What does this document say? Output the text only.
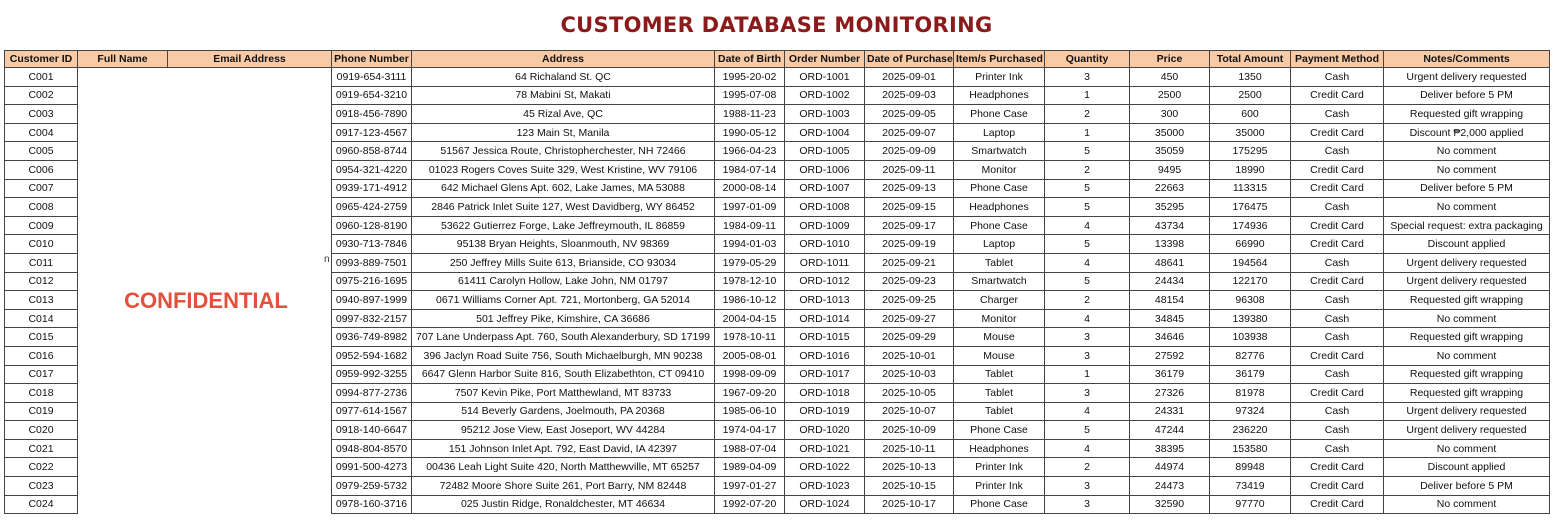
CUSTOMER DATABASE MONITORING
Customer ID	Full Name	Email Address	Phone Number	Address	Date of Birth	Order Number	Date of Purchase	Item/s Purchased	Quantity	Price	Total Amount	Payment Method	Notes/Comments
C001			0919-654-3111	64 Richaland St. QC	1995-20-02	ORD-1001	2025-09-01	Printer Ink	3	450	1350	Cash	Urgent delivery requested
C002			0919-654-3210	78 Mabini St, Makati	1995-07-08	ORD-1002	2025-09-03	Headphones	1	2500	2500	Credit Card	Deliver before 5 PM
C003			0918-456-7890	45 Rizal Ave, QC	1988-11-23	ORD-1003	2025-09-05	Phone Case	2	300	600	Cash	Requested gift wrapping
C004			0917-123-4567	123 Main St, Manila	1990-05-12	ORD-1004	2025-09-07	Laptop	1	35000	35000	Credit Card	Discount ₱2,000 applied
C005			0960-858-8744	51567 Jessica Route, Christopherchester, NH 72466	1966-04-23	ORD-1005	2025-09-09	Smartwatch	5	35059	175295	Cash	No comment
C006			0954-321-4220	01023 Rogers Coves Suite 329, West Kristine, WV 79106	1984-07-14	ORD-1006	2025-09-11	Monitor	2	9495	18990	Credit Card	No comment
C007			0939-171-4912	642 Michael Glens Apt. 602, Lake James, MA 53088	2000-08-14	ORD-1007	2025-09-13	Phone Case	5	22663	113315	Credit Card	Deliver before 5 PM
C008			0965-424-2759	2846 Patrick Inlet Suite 127, West Davidberg, WY 86452	1997-01-09	ORD-1008	2025-09-15	Headphones	5	35295	176475	Cash	No comment
C009			0960-128-8190	53622 Gutierrez Forge, Lake Jeffreymouth, IL 86859	1984-09-11	ORD-1009	2025-09-17	Phone Case	4	43734	174936	Credit Card	Special request: extra packaging
C010			0930-713-7846	95138 Bryan Heights, Sloanmouth, NV 98369	1994-01-03	ORD-1010	2025-09-19	Laptop	5	13398	66990	Credit Card	Discount applied
C011			0993-889-7501	250 Jeffrey Mills Suite 613, Brianside, CO 93034	1979-05-29	ORD-1011	2025-09-21	Tablet	4	48641	194564	Cash	Urgent delivery requested
C012			0975-216-1695	61411 Carolyn Hollow, Lake John, NM 01797	1978-12-10	ORD-1012	2025-09-23	Smartwatch	5	24434	122170	Credit Card	Urgent delivery requested
C013			0940-897-1999	0671 Williams Corner Apt. 721, Mortonberg, GA 52014	1986-10-12	ORD-1013	2025-09-25	Charger	2	48154	96308	Cash	Requested gift wrapping
C014			0997-832-2157	501 Jeffrey Pike, Kimshire, CA 36686	2004-04-15	ORD-1014	2025-09-27	Monitor	4	34845	139380	Cash	No comment
C015			0936-749-8982	707 Lane Underpass Apt. 760, South Alexanderbury, SD 17199	1978-10-11	ORD-1015	2025-09-29	Mouse	3	34646	103938	Cash	Requested gift wrapping
C016			0952-594-1682	396 Jaclyn Road Suite 756, South Michaelburgh, MN 90238	2005-08-01	ORD-1016	2025-10-01	Mouse	3	27592	82776	Credit Card	No comment
C017			0959-992-3255	6647 Glenn Harbor Suite 816, South Elizabethton, CT 09410	1998-09-09	ORD-1017	2025-10-03	Tablet	1	36179	36179	Cash	Requested gift wrapping
C018			0994-877-2736	7507 Kevin Pike, Port Matthewland, MT 83733	1967-09-20	ORD-1018	2025-10-05	Tablet	3	27326	81978	Credit Card	Requested gift wrapping
C019			0977-614-1567	514 Beverly Gardens, Joelmouth, PA 20368	1985-06-10	ORD-1019	2025-10-07	Tablet	4	24331	97324	Cash	Urgent delivery requested
C020			0918-140-6647	95212 Jose View, East Joseport, WV 44284	1974-04-17	ORD-1020	2025-10-09	Phone Case	5	47244	236220	Cash	Urgent delivery requested
C021			0948-804-8570	151 Johnson Inlet Apt. 792, East David, IA 42397	1988-07-04	ORD-1021	2025-10-11	Headphones	4	38395	153580	Cash	No comment
C022			0991-500-4273	00436 Leah Light Suite 420, North Matthewville, MT 65257	1989-04-09	ORD-1022	2025-10-13	Printer Ink	2	44974	89948	Credit Card	Discount applied
C023			0979-259-5732	72482 Moore Shore Suite 261, Port Barry, NM 82448	1997-01-27	ORD-1023	2025-10-15	Printer Ink	3	24473	73419	Credit Card	Deliver before 5 PM
C024			0978-160-3716	025 Justin Ridge, Ronaldchester, MT 46634	1992-07-20	ORD-1024	2025-10-17	Phone Case	3	32590	97770	Credit Card	No comment
CONFIDENTIAL
n
